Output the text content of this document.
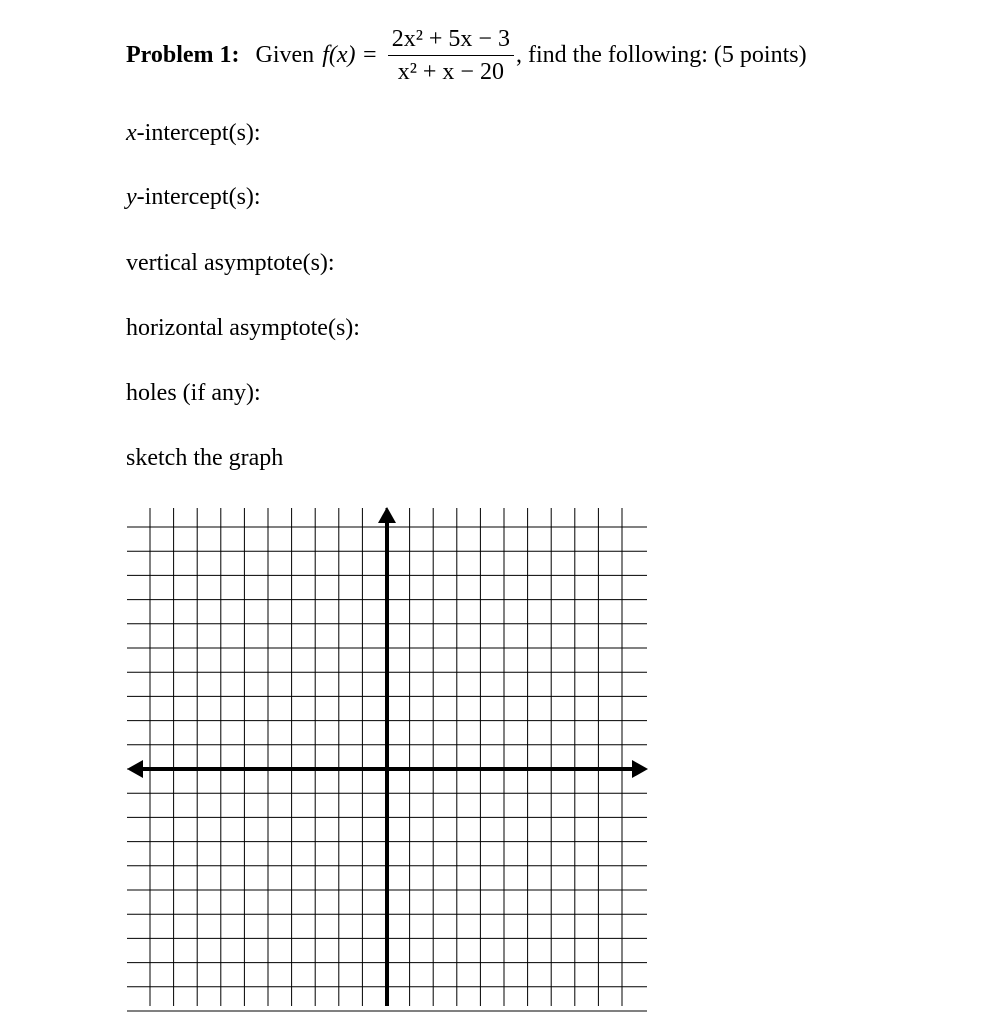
Problem 1: Given $f(x) = \frac{\text{2x² + 5x − 3}}{\text{x² + x − 20}}$ , find the following: (5 points)
x-intercept(s):
y-intercept(s):
vertical asymptote(s):
horizontal asymptote(s):
holes (if any):
sketch the graph
